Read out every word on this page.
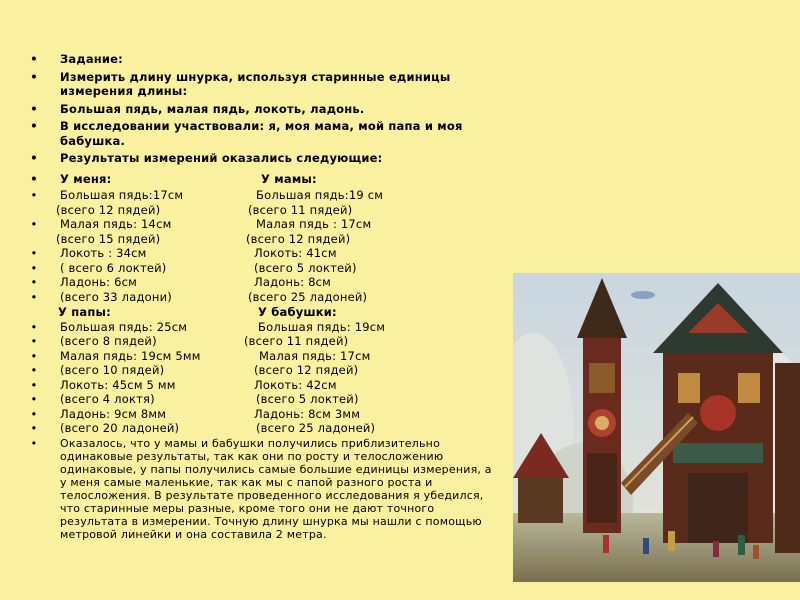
• Задание:
• Измерить длину шнурка, используя старинные единицы измерения длины:
• Большая пядь, малая пядь, локоть, ладонь.
• В исследовании участвовали: я, моя мама, мой папа и моя бабушка.
• Результаты измерений оказались следующие:
• У меня:	У мамы:
• Большая пядь:17см	Большая пядь:19 см
(всего 12 пядей)	(всего 11 пядей)
• Малая пядь: 14см	Малая пядь : 17см
(всего 15 пядей)	(всего 12 пядей)
• Локоть : 34см	Локоть: 41см
• ( всего 6 локтей)	(всего 5 локтей)
• Ладонь: 6см	Ладонь: 8см
• (всего 33 ладони)	(всего 25 ладоней)
У папы:	У бабушки:
• Большая пядь: 25см	Большая пядь: 19см
• (всего 8 пядей)	(всего 11 пядей)
• Малая пядь: 19см 5мм	Малая пядь: 17см
• (всего 10 пядей)	(всего 12 пядей)
• Локоть: 45см 5 мм	Локоть: 42см
• (всего 4 локтя)	(всего 5 локтей)
• Ладонь: 9см 8мм	Ладонь: 8см 3мм
• (всего 20 ладоней)	(всего 25 ладоней)
• Оказалось, что у мамы и бабушки получились приблизительно одинаковые результаты, так как они по росту и телосложению одинаковые, у папы получились самые большие единицы измерения, а у меня самые маленькие, так как мы с папой разного роста и телосложения. В результате проведенного исследования я убедился, что старинные меры разные, кроме того они не дают точного результата в измерении. Точную длину шнурка мы нашли с помощью метровой линейки и она составила 2 метра.
